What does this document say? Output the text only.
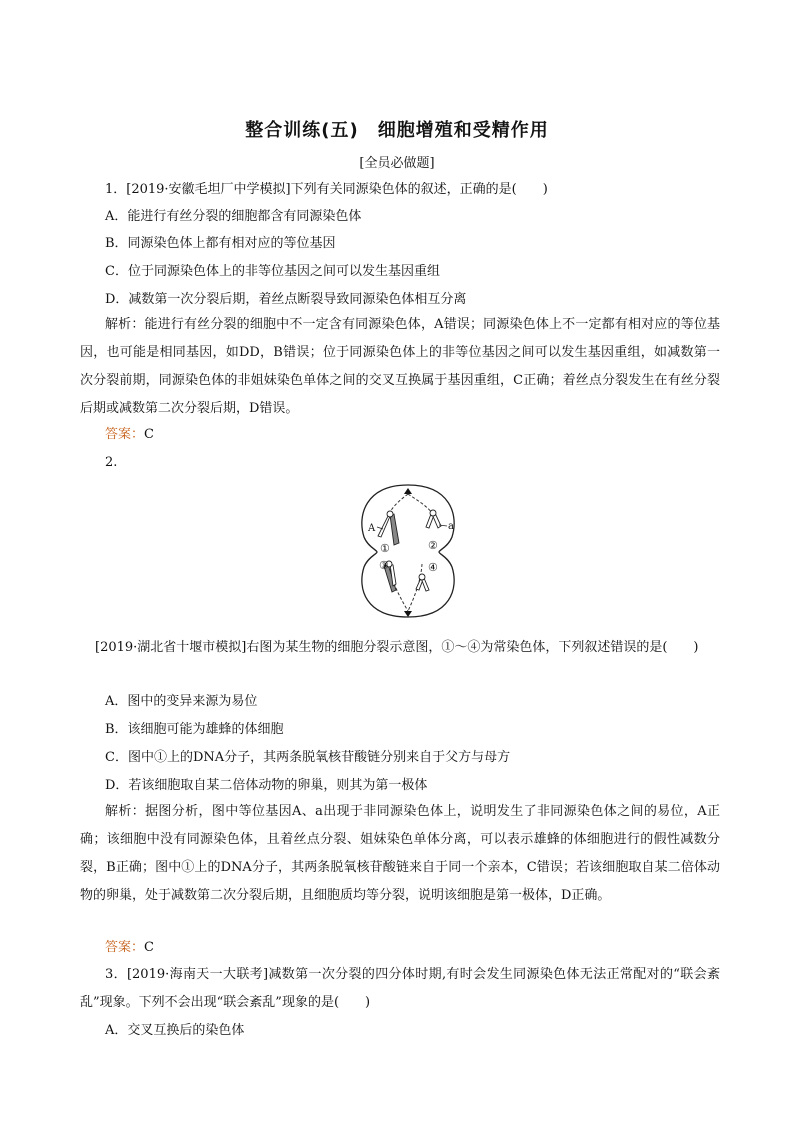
整合训练(五)　细胞增殖和受精作用
[全员必做题]
1．[2019·安徽毛坦厂中学模拟]下列有关同源染色体的叙述，正确的是(　　)
A．能进行有丝分裂的细胞都含有同源染色体
B．同源染色体上都有相对应的等位基因
C．位于同源染色体上的非等位基因之间可以发生基因重组
D．减数第一次分裂后期，着丝点断裂导致同源染色体相互分离
解析：能进行有丝分裂的细胞中不一定含有同源染色体，A错误；同源染色体上不一定都有相对应的等位基因，也可能是相同基因，如DD，B错误；位于同源染色体上的非等位基因之间可以发生基因重组，如减数第一次分裂前期，同源染色体的非姐妹染色单体之间的交叉互换属于基因重组，C正确；着丝点分裂发生在有丝分裂后期或减数第二次分裂后期，D错误。
答案：C
2.
A	a
①	②
③	④
[2019·湖北省十堰市模拟]右图为某生物的细胞分裂示意图，①～④为常染色体，下列叙述错误的是(　　)
A．图中的变异来源为易位
B．该细胞可能为雄蜂的体细胞
C．图中①上的DNA分子，其两条脱氧核苷酸链分别来自于父方与母方
D．若该细胞取自某二倍体动物的卵巢，则其为第一极体
解析：据图分析，图中等位基因A、a出现于非同源染色体上，说明发生了非同源染色体之间的易位，A正确；该细胞中没有同源染色体，且着丝点分裂、姐妹染色单体分离，可以表示雄蜂的体细胞进行的假性减数分裂，B正确；图中①上的DNA分子，其两条脱氧核苷酸链来自于同一个亲本，C错误；若该细胞取自某二倍体动物的卵巢，处于减数第二次分裂后期，且细胞质均等分裂，说明该细胞是第一极体，D正确。
答案：C
3．[2019·海南天一大联考]减数第一次分裂的四分体时期,有时会发生同源染色体无法正常配对的“联会紊乱”现象。下列不会出现“联会紊乱”现象的是(　　)
A．交叉互换后的染色体
